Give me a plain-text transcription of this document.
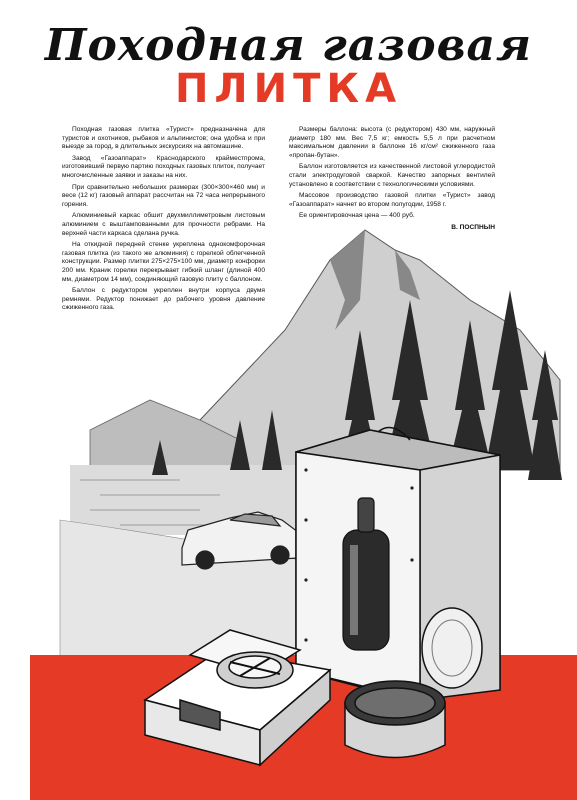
Походная газовая
ПЛИТКА

Походная газовая плитка «Турист» предназначена для туристов и охотников, рыбаков и альпинистов; она удобна и при выезде за город, в длительных экскурсиях на автомашине.

Завод «Газоаппарат» Краснодарского крайместпрома, изготовивший первую партию походных газовых плиток, получает многочисленные заявки и заказы на них.

При сравнительно небольших размерах (300×300×460 мм) и весе (12 кг) газовый аппарат рассчитан на 72 часа непрерывного горения.

Алюминиевый каркас обшит двухмиллиметровым листовым алюминием с выштампованными для прочности ребрами. На верхней части каркаса сделана ручка.

На откидной передней стенке укреплена однокомфорочная газовая плитка (из такого же алюминия) с горелкой облегченной конструкции. Размер плитки 275×275×100 мм, диаметр конфорки 200 мм. Краник горелки перекрывает гибкий шланг (длиной 400 мм, диаметром 14 мм), соединяющий газовую плиту с баллоном.

Баллон с редуктором укреплен внутри корпуса двумя ремнями. Редуктор понижает до рабочего уровня давление сжиженного газа.

Размеры баллона: высота (с редуктором) 430 мм, наружный диаметр 180 мм. Вес 7,5 кг; емкость 5,5 л при расчетном максимальном давлении в баллоне 16 кг/см² сжиженного газа «пропан-бутан».

Баллон изготовляется из качественной листовой углеродистой стали электродуговой сваркой. Качество запорных вентилей установлено в соответствии с технологическими условиями.

Массовое производство газовой плитки «Турист» завод «Газоаппарат» начнет во втором полугодии, 1958 г.

Ее ориентировочная цена — 400 руб.

В. ПОСПНЫН
